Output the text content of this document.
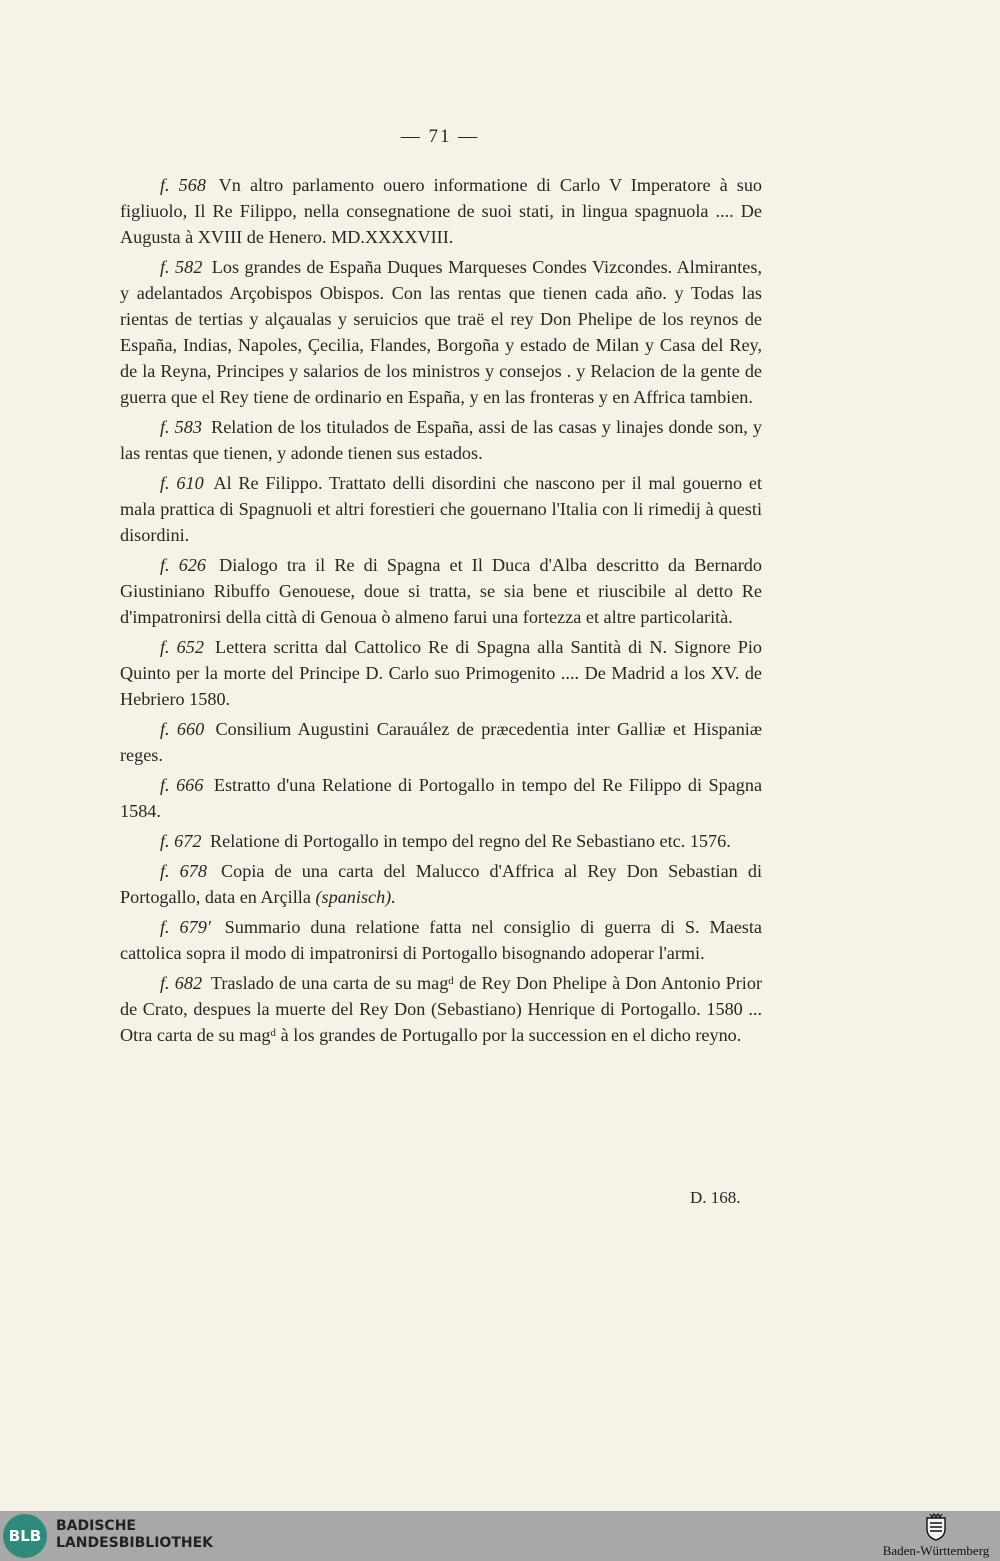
— 71 —

f. 568 Vn altro parlamento ouero informatione di Carlo V Imperatore à suo figliuolo, Il Re Filippo, nella consegnatione de suoi stati, in lingua spagnuola .... De Augusta à XVIII de Henero. MD.XXXXVIII.

f. 582 Los grandes de España Duques Marqueses Condes Vizcondes. Almirantes, y adelantados Arçobispos Obispos. Con las rentas que tienen cada año. y Todas las rientas de tertias y alçaualas y seruicios que traë el rey Don Phelipe de los reynos de España, Indias, Napoles, Çecilia, Flandes, Borgoña y estado de Milan y Casa del Rey, de la Reyna, Principes y salarios de los ministros y consejos . y Relacion de la gente de guerra que el Rey tiene de ordinario en España, y en las fronteras y en Affrica tambien.

f. 583 Relation de los titulados de España, assi de las casas y linajes donde son, y las rentas que tienen, y adonde tienen sus estados.

f. 610 Al Re Filippo. Trattato delli disordini che nascono per il mal gouerno et mala prattica di Spagnuoli et altri forestieri che gouernano l'Italia con li rimedij à questi disordini.

f. 626 Dialogo tra il Re di Spagna et Il Duca d'Alba descritto da Bernardo Giustiniano Ribuffo Genouese, doue si tratta, se sia bene et riuscibile al detto Re d'impatronirsi della città di Genoua ò almeno farui una fortezza et altre particolarità.

f. 652 Lettera scritta dal Cattolico Re di Spagna alla Santità di N. Signore Pio Quinto per la morte del Principe D. Carlo suo Primogenito .... De Madrid a los XV. de Hebriero 1580.

f. 660 Consilium Augustini Carauález de præcedentia inter Galliæ et Hispaniæ reges.

f. 666 Estratto d'una Relatione di Portogallo in tempo del Re Filippo di Spagna 1584.

f. 672 Relatione di Portogallo in tempo del regno del Re Sebastiano etc. 1576.

f. 678 Copia de una carta del Malucco d'Affrica al Rey Don Sebastian di Portogallo, data en Arçilla (spanisch).

f. 679' Summario duna relatione fatta nel consiglio di guerra di S. Maesta cattolica sopra il modo di impatronirsi di Portogallo bisognando adoperar l'armi.

f. 682 Traslado de una carta de su magᵈ de Rey Don Phelipe à Don Antonio Prior de Crato, despues la muerte del Rey Don (Sebastiano) Henrique di Portogallo. 1580 ... Otra carta de su magᵈ à los grandes de Portugallo por la succession en el dicho reyno.

D. 168.
BLB
BADISCHE
LANDESBIBLIOTHEK	Baden-Württemberg
